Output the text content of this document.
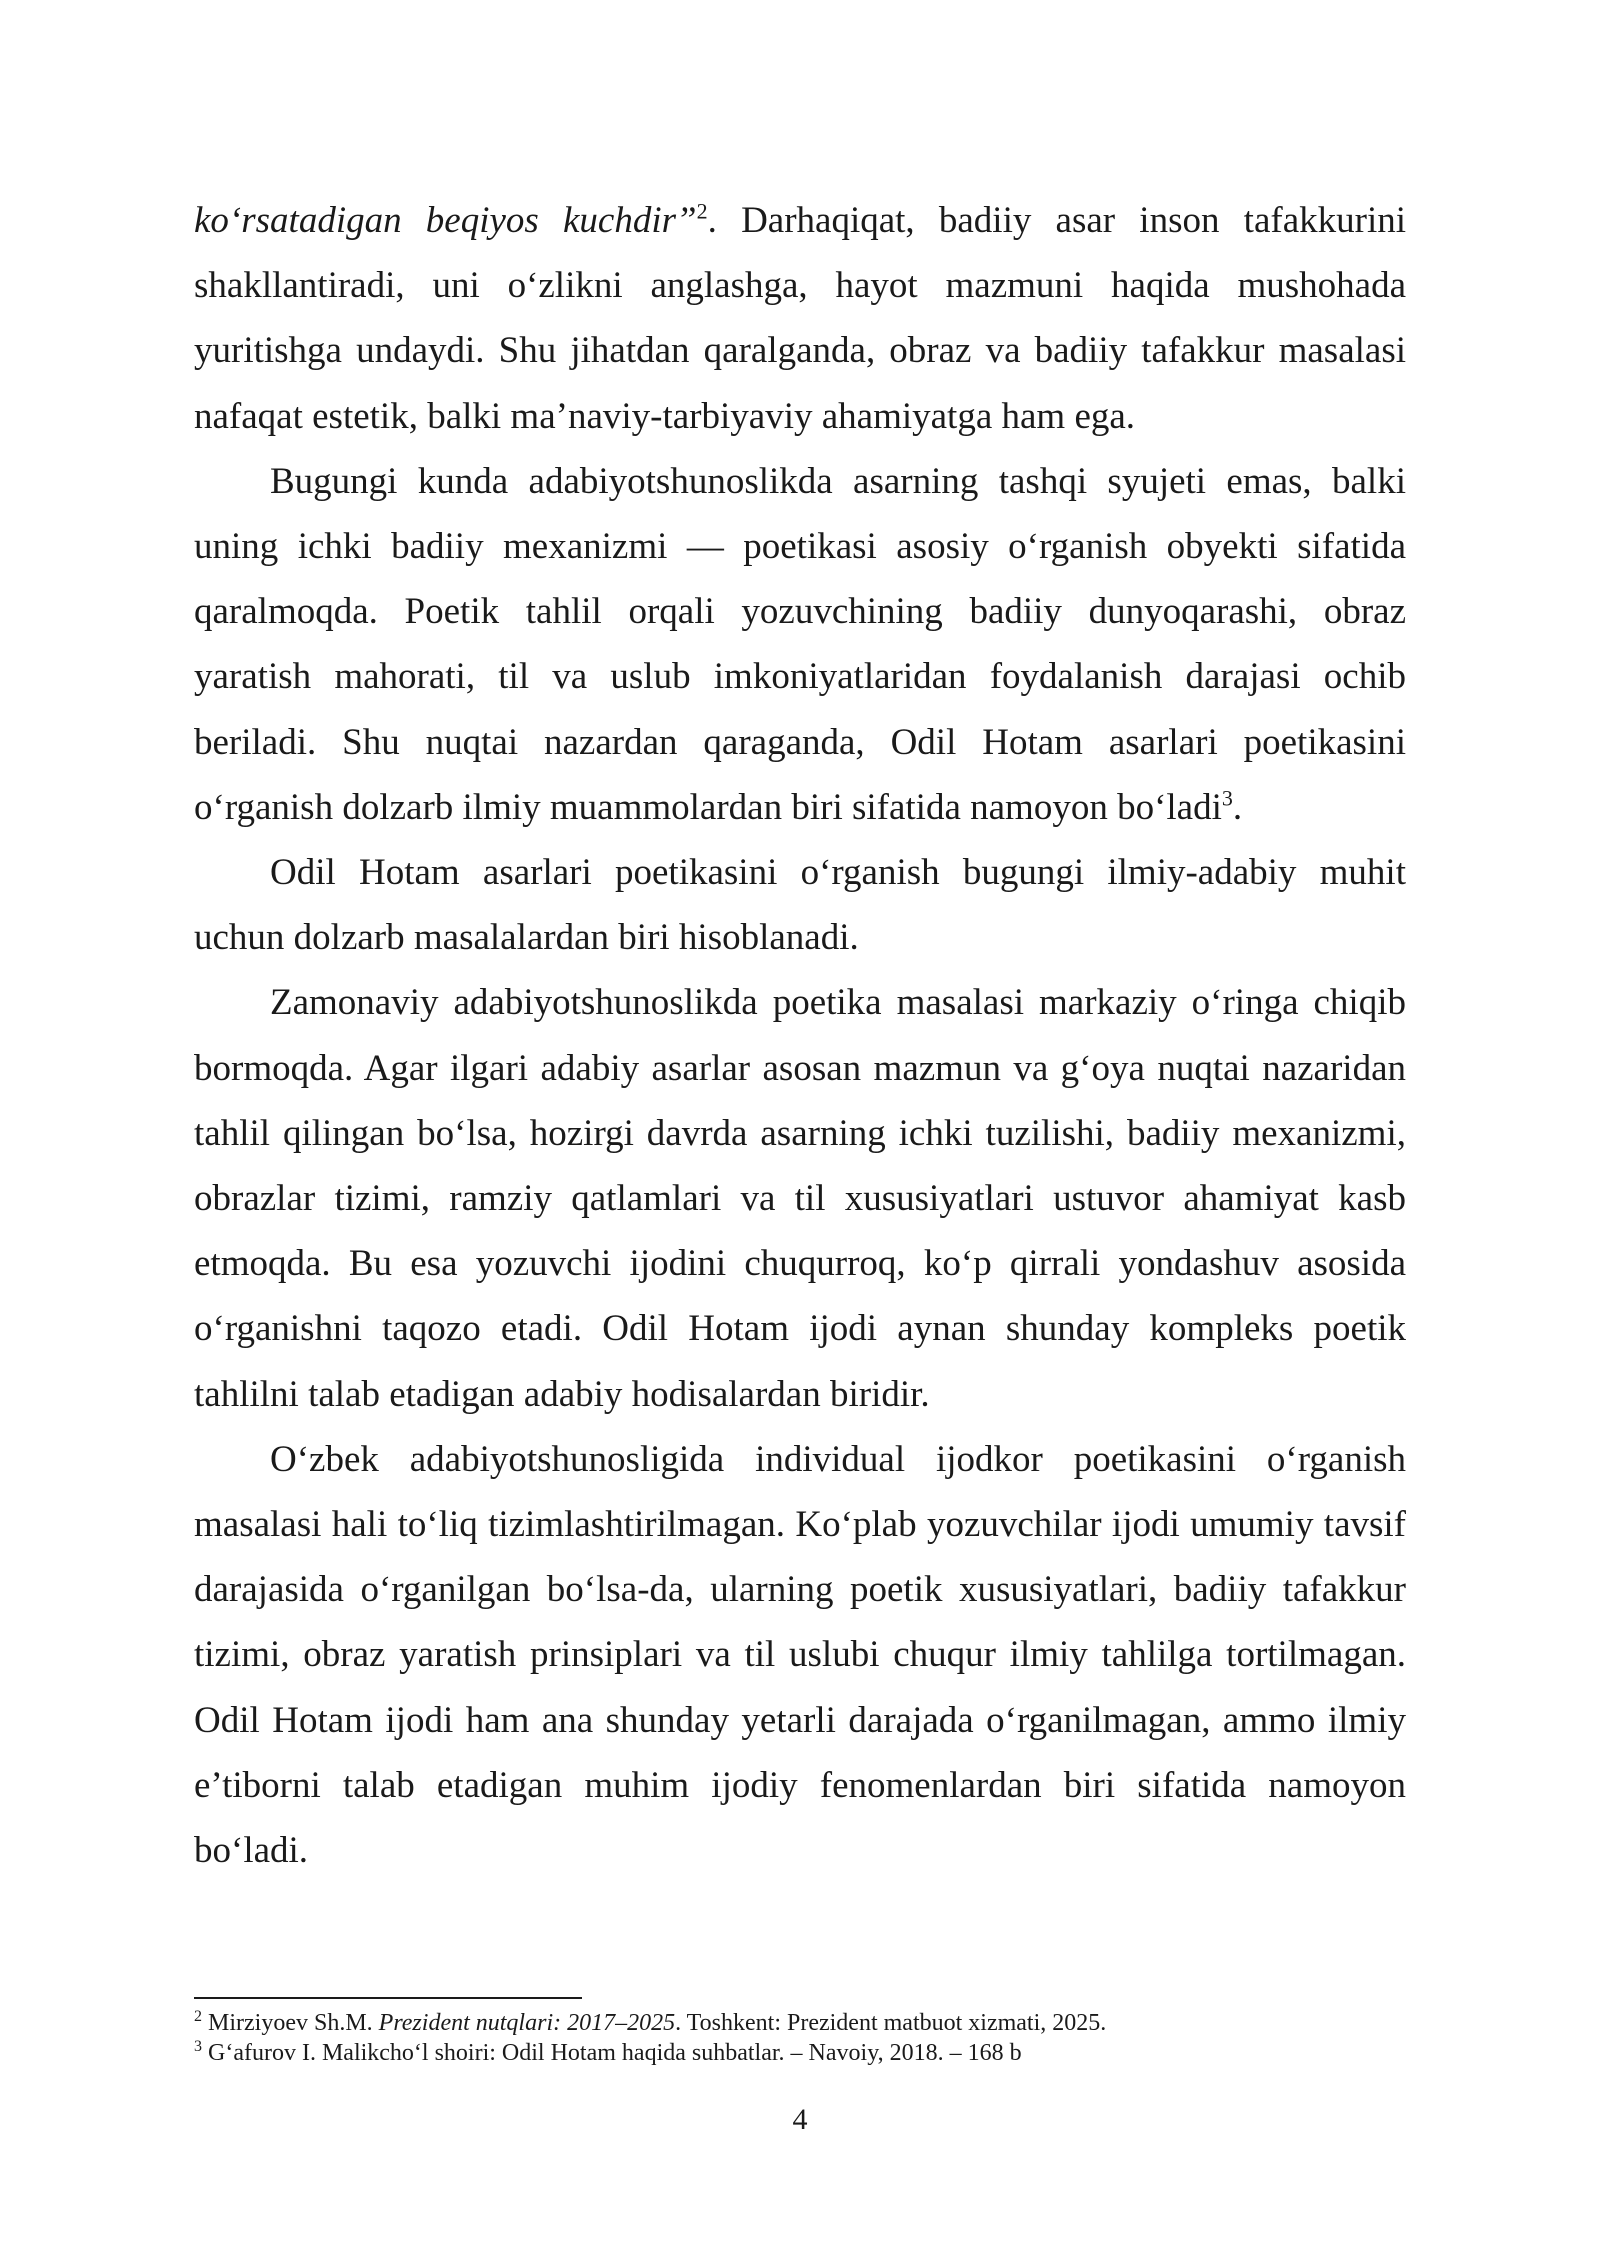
ko‘rsatadigan beqiyos kuchdir”$^2$. Darhaqiqat, badiiy asar inson tafakkurini shakllantiradi, uni o‘zlikni anglashga, hayot mazmuni haqida mushohada yuritishga undaydi. Shu jihatdan qaralganda, obraz va badiiy tafakkur masalasi nafaqat estetik, balki ma’naviy-tarbiyaviy ahamiyatga ham ega.

Bugungi kunda adabiyotshunoslikda asarning tashqi syujeti emas, balki uning ichki badiiy mexanizmi — poetikasi asosiy o‘rganish obyekti sifatida qaralmoqda. Poetik tahlil orqali yozuvchining badiiy dunyoqarashi, obraz yaratish mahorati, til va uslub imkoniyatlaridan foydalanish darajasi ochib beriladi. Shu nuqtai nazardan qaraganda, Odil Hotam asarlari poetikasini o‘rganish dolzarb ilmiy muammolardan biri sifatida namoyon bo‘ladi$^3$.

Odil Hotam asarlari poetikasini o‘rganish bugungi ilmiy-adabiy muhit uchun dolzarb masalalardan biri hisoblanadi.

Zamonaviy adabiyotshunoslikda poetika masalasi markaziy o‘ringa chiqib bormoqda. Agar ilgari adabiy asarlar asosan mazmun va g‘oya nuqtai nazaridan tahlil qilingan bo‘lsa, hozirgi davrda asarning ichki tuzilishi, badiiy mexanizmi, obrazlar tizimi, ramziy qatlamlari va til xususiyatlari ustuvor ahamiyat kasb etmoqda. Bu esa yozuvchi ijodini chuqurroq, ko‘p qirrali yondashuv asosida o‘rganishni taqozo etadi. Odil Hotam ijodi aynan shunday kompleks poetik tahlilni talab etadigan adabiy hodisalardan biridir.

O‘zbek adabiyotshunosligida individual ijodkor poetikasini o‘rganish masalasi hali to‘liq tizimlashtirilmagan. Ko‘plab yozuvchilar ijodi umumiy tavsif darajasida o‘rganilgan bo‘lsa-da, ularning poetik xususiyatlari, badiiy tafakkur tizimi, obraz yaratish prinsiplari va til uslubi chuqur ilmiy tahlilga tortilmagan. Odil Hotam ijodi ham ana shunday yetarli darajada o‘rganilmagan, ammo ilmiy e’tiborni talab etadigan muhim ijodiy fenomenlardan biri sifatida namoyon bo‘ladi.

$^2$ Mirziyoev Sh.M. Prezident nutqlari: 2017–2025. Toshkent: Prezident matbuot xizmati, 2025.

$^3$ G‘afurov I. Malikcho‘l shoiri: Odil Hotam haqida suhbatlar. – Navoiy, 2018. – 168 b

4
